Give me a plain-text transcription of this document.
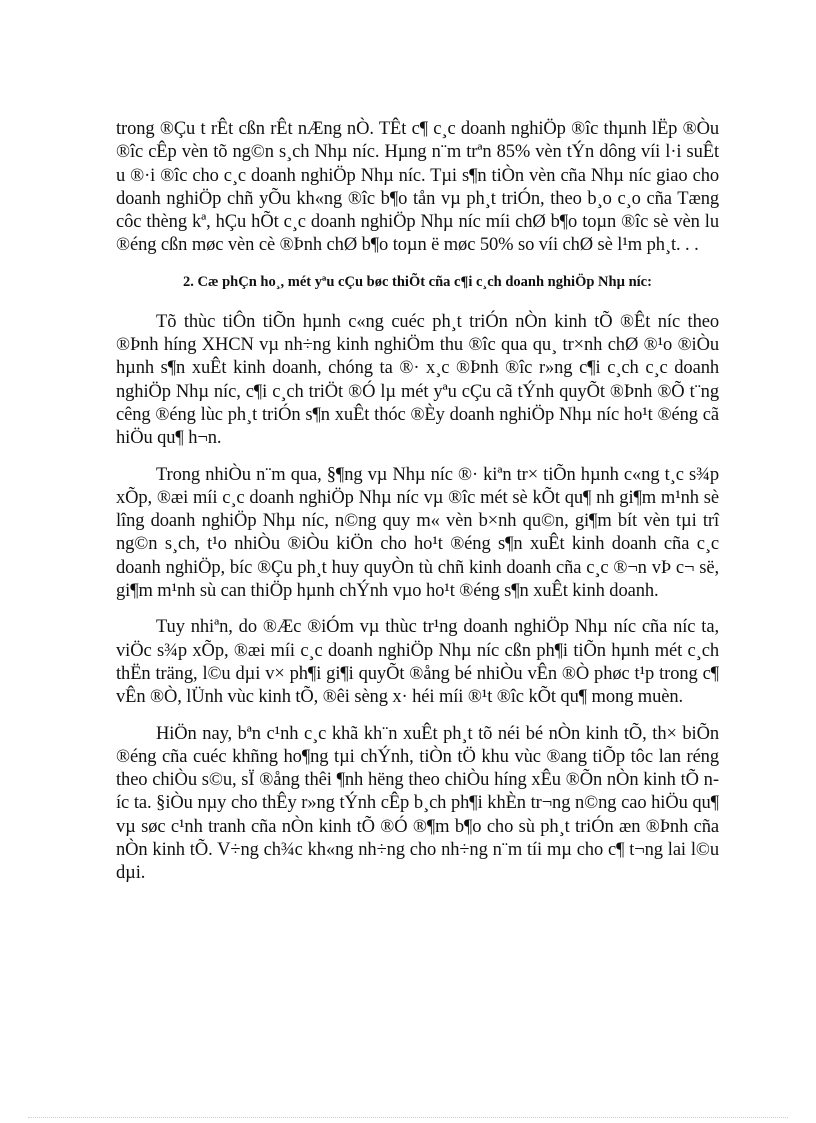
trong ®Çu t rÊt cßn rÊt nÆng nÒ. TÊt c¶ c¸c doanh nghiÖp ®îc thµnh lËp ®Òu ®îc cÊp vèn tõ ng©n s¸ch Nhµ níc. Hµng n¨m trªn 85% vèn tÝn dông víi l·i suÊt u ®·i ®îc cho c¸c doanh nghiÖp Nhµ níc. Tµi s¶n tiÒn vèn cña Nhµ níc giao cho doanh nghiÖp chñ yÕu kh«ng ®îc b¶o tån vµ ph¸t triÓn, theo b¸o c¸o cña Tæng côc thèng kª, hÇu hÕt c¸c doanh nghiÖp Nhµ níc míi chØ b¶o toµn ®îc sè vèn lu ®éng cßn møc vèn cè ®Þnh chØ b¶o toµn ë møc 50% so víi chØ sè l¹m ph¸t. . .

2. Cæ phÇn ho¸, mét yªu cÇu bøc thiÕt cña c¶i c¸ch doanh nghiÖp Nhµ níc:

Tõ thùc tiÔn tiÕn hµnh c«ng cuéc ph¸t triÓn nÒn kinh tÕ ®Êt níc theo ®Þnh híng XHCN vµ nh÷ng kinh nghiÖm thu ®îc qua qu¸ tr×nh chØ ®¹o ®iÒu hµnh s¶n xuÊt kinh doanh, chóng ta ®· x¸c ®Þnh ®îc r»ng c¶i c¸ch c¸c doanh nghiÖp Nhµ níc, c¶i c¸ch triÖt ®Ó lµ mét yªu cÇu cã tÝnh quyÕt ®Þnh ®Õ t¨ng cêng ®éng lùc ph¸t triÓn s¶n xuÊt thóc ®Èy doanh nghiÖp Nhµ níc ho¹t ®éng cã hiÖu qu¶ h¬n.

Trong nhiÒu n¨m qua, §¶ng vµ Nhµ níc ®· kiªn tr× tiÕn hµnh c«ng t¸c s¾p xÕp, ®æi míi c¸c doanh nghiÖp Nhµ níc vµ ®îc mét sè kÕt qu¶ nh gi¶m m¹nh sè lîng doanh nghiÖp Nhµ níc, n©ng quy m« vèn b×nh qu©n, gi¶m bít vèn tµi trî ng©n s¸ch, t¹o nhiÒu ®iÒu kiÖn cho ho¹t ®éng s¶n xuÊt kinh doanh cña c¸c doanh nghiÖp, bíc ®Çu ph¸t huy quyÒn tù chñ kinh doanh cña c¸c ®¬n vÞ c¬ së, gi¶m m¹nh sù can thiÖp hµnh chÝnh vµo ho¹t ®éng s¶n xuÊt kinh doanh.

Tuy nhiªn, do ®Æc ®iÓm vµ thùc tr¹ng doanh nghiÖp Nhµ níc cña níc ta, viÖc s¾p xÕp, ®æi míi c¸c doanh nghiÖp Nhµ níc cßn ph¶i tiÕn hµnh mét c¸ch thËn träng, l©u dµi v× ph¶i gi¶i quyÕt ®ång bé nhiÒu vÊn ®Ò phøc t¹p trong c¶ vÊn ®Ò, lÜnh vùc kinh tÕ, ®êi sèng x· héi míi ®¹t ®îc kÕt qu¶ mong muèn.

HiÖn nay, bªn c¹nh c¸c khã kh¨n xuÊt ph¸t tõ néi bé nÒn kinh tÕ, th× biÕn ®éng cña cuéc khñng ho¶ng tµi chÝnh, tiÒn tÖ khu vùc ®ang tiÕp tôc lan réng theo chiÒu s©u, sÏ ®ång thêi ¶nh hëng theo chiÒu híng xÊu ®Õn nÒn kinh tÕ níc ta. §iÒu nµy cho thÊy r»ng tÝnh cÊp b¸ch ph¶i khÈn tr¬ng n©ng cao hiÖu qu¶ vµ søc c¹nh tranh cña nÒn kinh tÕ ®Ó ®¶m b¶o cho sù ph¸t triÓn æn ®Þnh cña nÒn kinh tÕ. V÷ng ch¾c kh«ng nh÷ng cho nh÷ng n¨m tíi mµ cho c¶ t¬ng lai l©u dµi.
